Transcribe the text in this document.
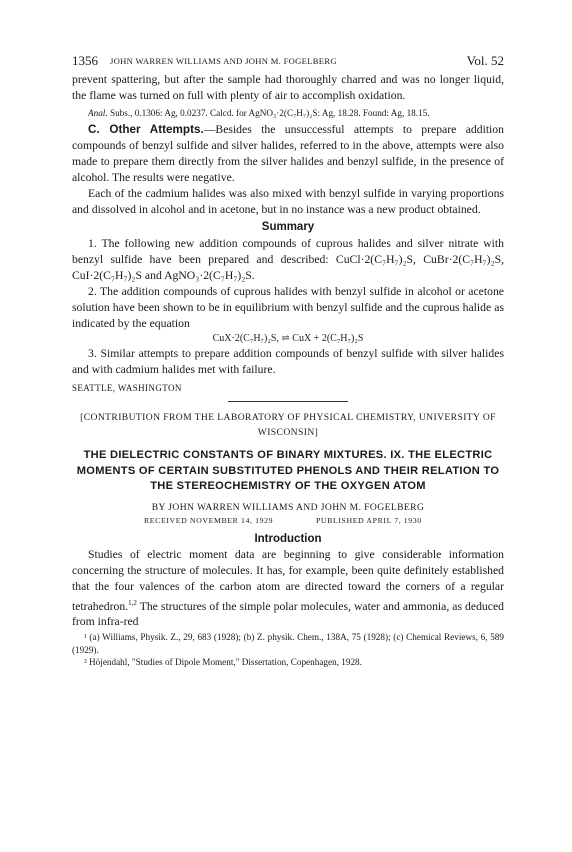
1356 JOHN WARREN WILLIAMS AND JOHN M. FOGELBERG	Vol. 52

prevent spattering, but after the sample had thoroughly charred and was no longer liquid, the flame was turned on full with plenty of air to accomplish oxidation.

Anal. Subs., 0.1306: Ag, 0.0237. Calcd. for AgNO₃·2(C₇H₇)₂S: Ag, 18.28. Found: Ag, 18.15.

C. Other Attempts.—Besides the unsuccessful attempts to prepare addition compounds of benzyl sulfide and silver halides, referred to in the above, attempts were also made to prepare them directly from the silver halides and benzyl sulfide, in the presence of alcohol. The results were negative.

Each of the cadmium halides was also mixed with benzyl sulfide in varying proportions and dissolved in alcohol and in acetone, but in no instance was a new product obtained.

Summary

1. The following new addition compounds of cuprous halides and silver nitrate with benzyl sulfide have been prepared and described: CuCl·2(C₇H₇)₂S, CuBr·2(C₇H₇)₂S, CuI·2(C₇H₇)₂S and AgNO₃·2(C₇H₇)₂S.

2. The addition compounds of cuprous halides with benzyl sulfide in alcohol or acetone solution have been shown to be in equilibrium with benzyl sulfide and the cuprous halide as indicated by the equation

CuX·2(C₇H₇)₂S, ⇌ CuX + 2(C₇H₇)₂S

3. Similar attempts to prepare addition compounds of benzyl sulfide with silver halides and with cadmium halides met with failure.

SEATTLE, WASHINGTON
[CONTRIBUTION FROM THE LABORATORY OF PHYSICAL CHEMISTRY, UNIVERSITY OF WISCONSIN]
THE DIELECTRIC CONSTANTS OF BINARY MIXTURES. IX. THE ELECTRIC MOMENTS OF CERTAIN SUBSTITUTED PHENOLS AND THEIR RELATION TO THE STEREOCHEMISTRY OF THE OXYGEN ATOM
BY JOHN WARREN WILLIAMS AND JOHN M. FOGELBERG
RECEIVED NOVEMBER 14, 1929	PUBLISHED APRIL 7, 1930
Introduction

Studies of electric moment data are beginning to give considerable information concerning the structure of molecules. It has, for example, been quite definitely established that the four valences of the carbon atom are directed toward the corners of a regular tetrahedron.$^{1,2}$ The structures of the simple polar molecules, water and ammonia, as deduced from infra-red

¹ (a) Williams, Physik. Z., 29, 683 (1928); (b) Z. physik. Chem., 138A, 75 (1928); (c) Chemical Reviews, 6, 589 (1929).

² Höjendahl, "Studies of Dipole Moment," Dissertation, Copenhagen, 1928.
